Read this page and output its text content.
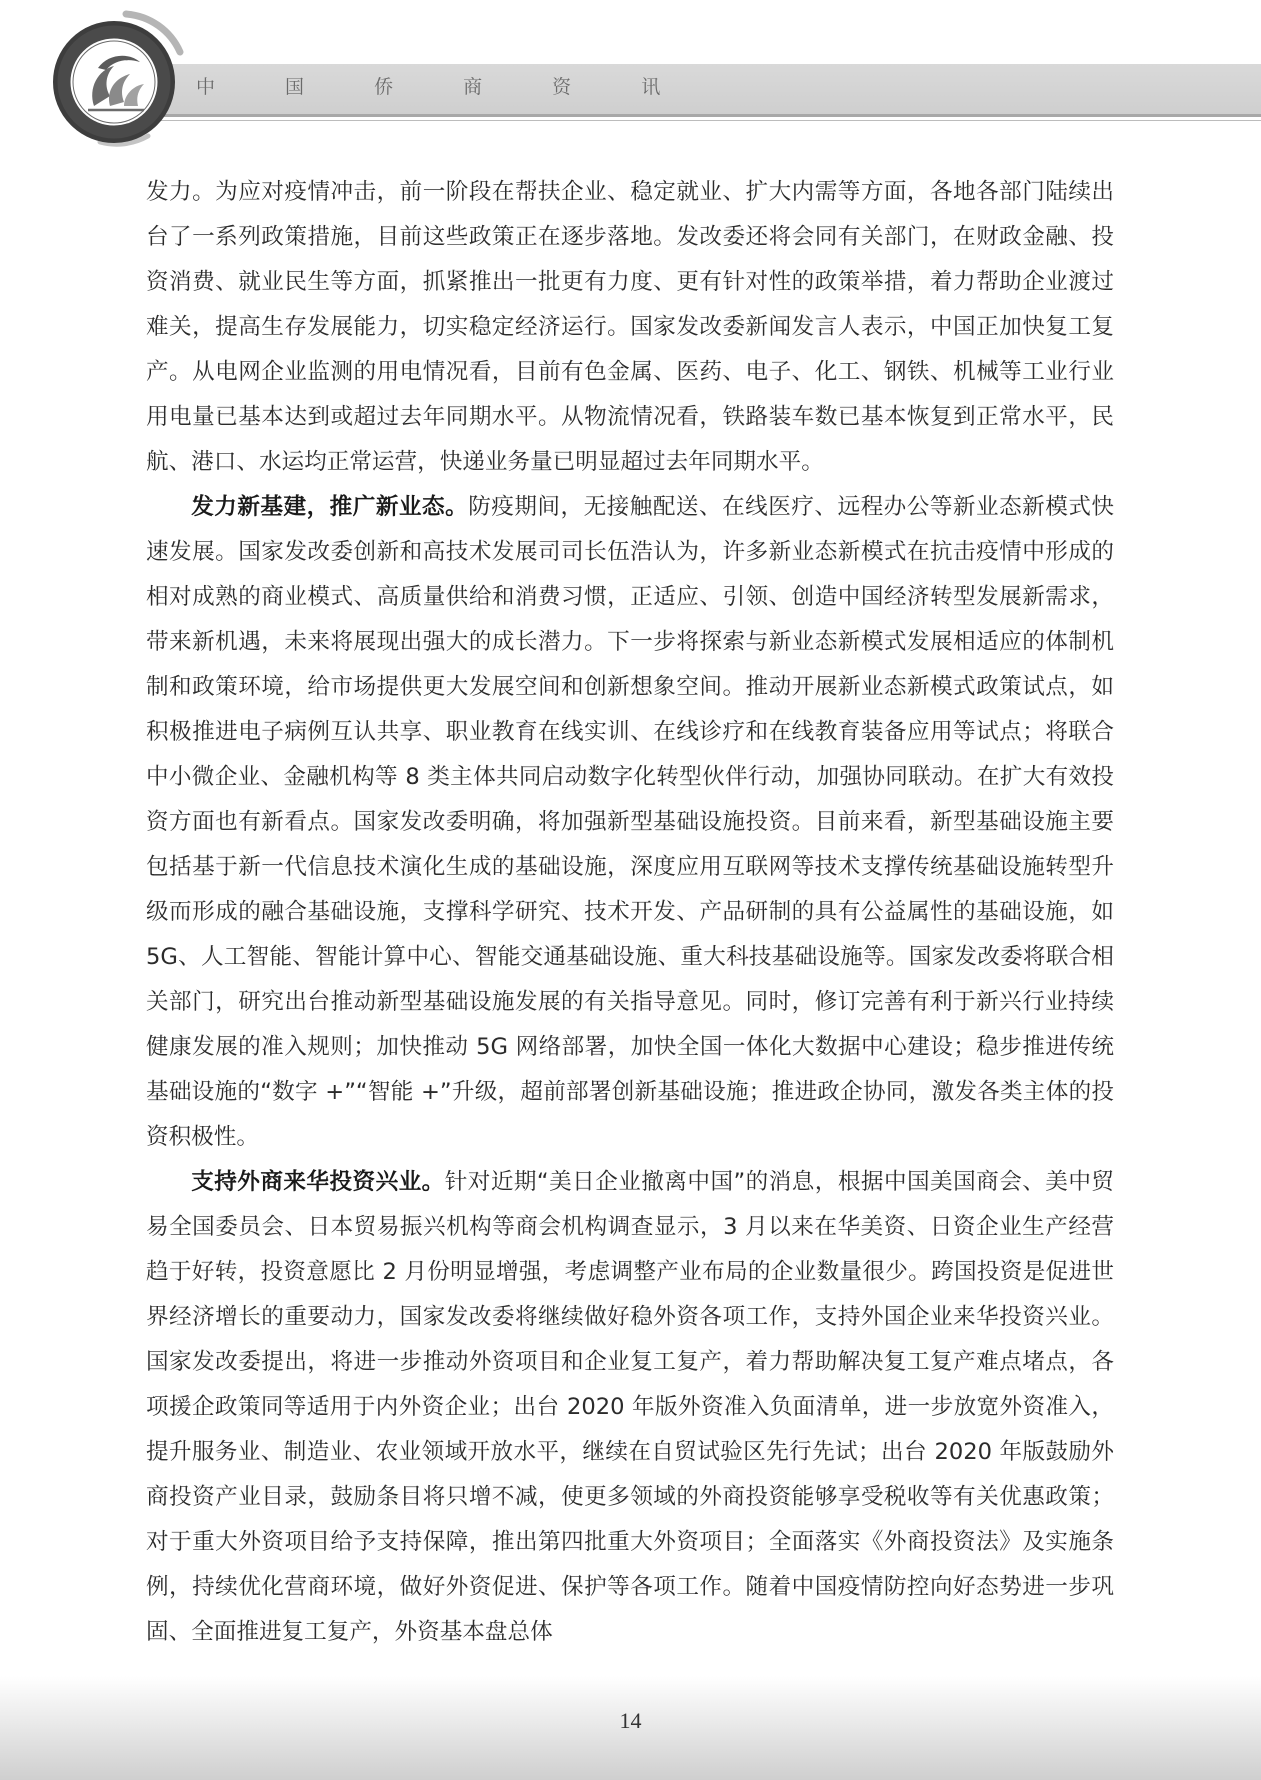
中 国 侨 商 资 讯

发力。为应对疫情冲击，前一阶段在帮扶企业、稳定就业、扩大内需等方面，各地各部门陆续出台了一系列政策措施，目前这些政策正在逐步落地。发改委还将会同有关部门，在财政金融、投资消费、就业民生等方面，抓紧推出一批更有力度、更有针对性的政策举措，着力帮助企业渡过难关，提高生存发展能力，切实稳定经济运行。国家发改委新闻发言人表示，中国正加快复工复产。从电网企业监测的用电情况看，目前有色金属、医药、电子、化工、钢铁、机械等工业行业用电量已基本达到或超过去年同期水平。从物流情况看，铁路装车数已基本恢复到正常水平，民航、港口、水运均正常运营，快递业务量已明显超过去年同期水平。

发力新基建，推广新业态。防疫期间，无接触配送、在线医疗、远程办公等新业态新模式快速发展。国家发改委创新和高技术发展司司长伍浩认为，许多新业态新模式在抗击疫情中形成的相对成熟的商业模式、高质量供给和消费习惯，正适应、引领、创造中国经济转型发展新需求，带来新机遇，未来将展现出强大的成长潜力。下一步将探索与新业态新模式发展相适应的体制机制和政策环境，给市场提供更大发展空间和创新想象空间。推动开展新业态新模式政策试点，如积极推进电子病例互认共享、职业教育在线实训、在线诊疗和在线教育装备应用等试点；将联合中小微企业、金融机构等 8 类主体共同启动数字化转型伙伴行动，加强协同联动。在扩大有效投资方面也有新看点。国家发改委明确，将加强新型基础设施投资。目前来看，新型基础设施主要包括基于新一代信息技术演化生成的基础设施，深度应用互联网等技术支撑传统基础设施转型升级而形成的融合基础设施，支撑科学研究、技术开发、产品研制的具有公益属性的基础设施，如 5G、人工智能、智能计算中心、智能交通基础设施、重大科技基础设施等。国家发改委将联合相关部门，研究出台推动新型基础设施发展的有关指导意见。同时，修订完善有利于新兴行业持续健康发展的准入规则；加快推动 5G 网络部署，加快全国一体化大数据中心建设；稳步推进传统基础设施的“数字 +”“智能 +”升级，超前部署创新基础设施；推进政企协同，激发各类主体的投资积极性。

支持外商来华投资兴业。针对近期“美日企业撤离中国”的消息，根据中国美国商会、美中贸易全国委员会、日本贸易振兴机构等商会机构调查显示，3 月以来在华美资、日资企业生产经营趋于好转，投资意愿比 2 月份明显增强，考虑调整产业布局的企业数量很少。跨国投资是促进世界经济增长的重要动力，国家发改委将继续做好稳外资各项工作，支持外国企业来华投资兴业。国家发改委提出，将进一步推动外资项目和企业复工复产，着力帮助解决复工复产难点堵点，各项援企政策同等适用于内外资企业；出台 2020 年版外资准入负面清单，进一步放宽外资准入，提升服务业、制造业、农业领域开放水平，继续在自贸试验区先行先试；出台 2020 年版鼓励外商投资产业目录，鼓励条目将只增不减，使更多领域的外商投资能够享受税收等有关优惠政策；对于重大外资项目给予支持保障，推出第四批重大外资项目；全面落实《外商投资法》及实施条例，持续优化营商环境，做好外资促进、保护等各项工作。随着中国疫情防控向好态势进一步巩固、全面推进复工复产，外资基本盘总体

14
